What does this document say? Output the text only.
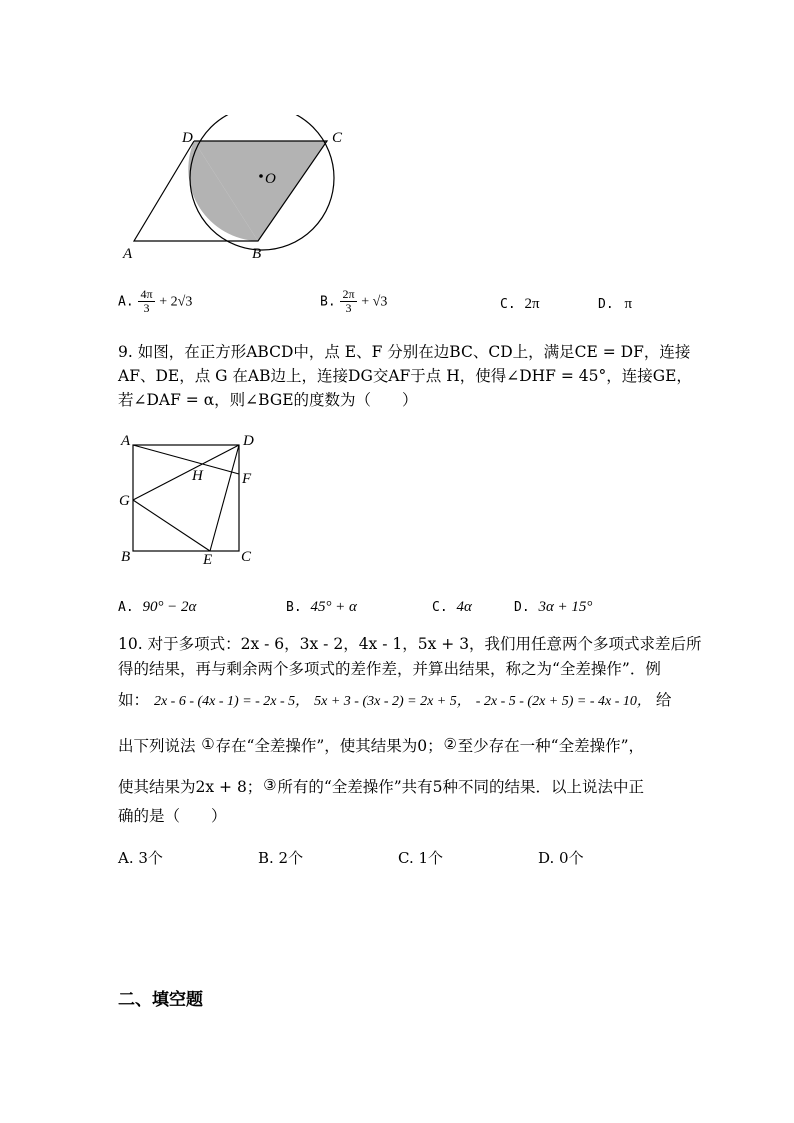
D	C
O
A	B
A. $\frac{4\pi}{3} + 2√3$	B. $\frac{2\pi}{3} + √3$	C. 2π	D. π
9. 如图，在正方形ABCD中，点 E、F 分别在边BC、CD上，满足CE = DF，连接
AF、DE，点 G 在AB边上，连接DG交AF于点 H，使得∠DHF = 45°，连接GE，
若∠DAF = α，则∠BGE的度数为（　　）
A	D
H	F
G
B	E C
A. 90° − 2α	B. 45° + α	C. 4α	D. 3α + 15°
10. 对于多项式：2x - 6，3x - 2，4x - 1，5x + 3，我们用任意两个多项式求差后所
得的结果，再与剩余两个多项式的差作差，并算出结果，称之为“全差操作”．例
如： 2x - 6 - (4x - 1) = - 2x - 5， 5x + 3 - (3x - 2) = 2x + 5， - 2x - 5 - (2x + 5) = - 4x - 10， 给
出下列说法 ①存在“全差操作”，使其结果为0；②至少存在一种“全差操作”，
使其结果为2x + 8；③所有的“全差操作”共有5种不同的结果．以上说法中正
确的是（　　）
A. 3个	B. 2个	C. 1个	D. 0个
二、填空题
